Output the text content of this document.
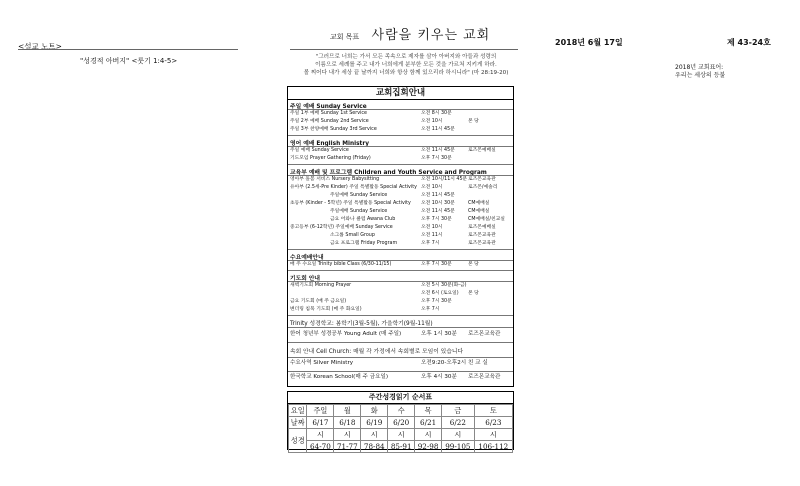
교회 목표 사람을 키우는 교회	2018년 6월 17일	제 43-24호
<설교 노트>
"성경적 아버지" <룻기 1:4-5>	"그러므로 너희는 가서 모든 족속으로 제자를 삼아 아버지와 아들과 성령의
이름으로 세례를 주고 내가 너희에게 분부한 모든 것을 가르쳐 지키게 하라.
볼 찌어다 내가 세상 끝 날까지 너희와 항상 함께 있으리라 하시니라" (마 28:19-20)
2018년 교회표어:
우리는 세상의 등불
교회집회안내
주일 예배 Sunday Service
주일 1부 예배 Sunday 1st Service	오전 8시 30분
주일 2부 예배 Sunday 2nd Service	오전 10시	본 당
주일 3부 찬양예배 Sunday 3rd Service	오전 11시 45분
영어 예배 English Ministry
주일 예배 Sunday Service	오전 11시 45분	로즈몬예배실
기도모임 Prayer Gathering (Friday)	오후 7시 30분
교육부 예배 및 프로그램 Children and Youth Service and Program
영아부 돌봄 서비스 Nursery Babysitting	오전 10시/11시 45분 로즈몬교육관
유아부 (2.5세-Pre Kinder) 주일 특별활동 Special Activity 오전 10시	로즈몬/예솔리
주일예배 Sunday Service	오전 11시 45분
초등부 (Kinder - 5학년) 주일 특별활동 Special Activity 오전 10시 30분	CM예배실
주일예배 Sunday Service	오전 11시 45분	CM예배실
금요 어와나 클럽 Awana Club	오후 7시 30분	CM예배실/친교실
중고등부 (6-12학년) 주일예배 Sunday Service	오전 10시	로즈몬예배실
소그룹 Small Group	오전 11시	로즈몬교육관
금요 프로그램 Friday Program	오후 7시	로즈몬교육관
수요예배안내
매 주 수요일 Trinity bible Class (6/30-11/15)	오후 7시 30분	본 당
기도회 안내
새벽기도회 Morning Prayer	오전 5시 30분(화-금)
오전 6시 (토요일) 본 당
금요 기도회 (매 주 금요일)	오후 7시 30분
변더링 침묵 기도회 (매 주 화요일)	오후 7시
Trinity 성경학교: 봄학기(3월-5월), 가을학기(9월-11월)
한어 청년부 성경공부 Young Adult (매 주일)	오후 1시 30분 로즈몬교육관
속회 안내 Cell Church: 매월 각 가정에서 속회별로 모임이 있습니다
수요사역 Silver Ministry	오전9:20-오후2시 친 교 실
한국학교 Korean School(매 주 금요일)	오후 4시 30분 로즈몬교육관
주간성경읽기 순서표
요일	주일	월	화	수	목	금	토
날짜	6/17	6/18	6/19	6/20	6/21	6/22	6/23
성경	시	시	시	시	시	시	시
	64-70	71-77	78-84	85-91	92-98	99-105	106-112
